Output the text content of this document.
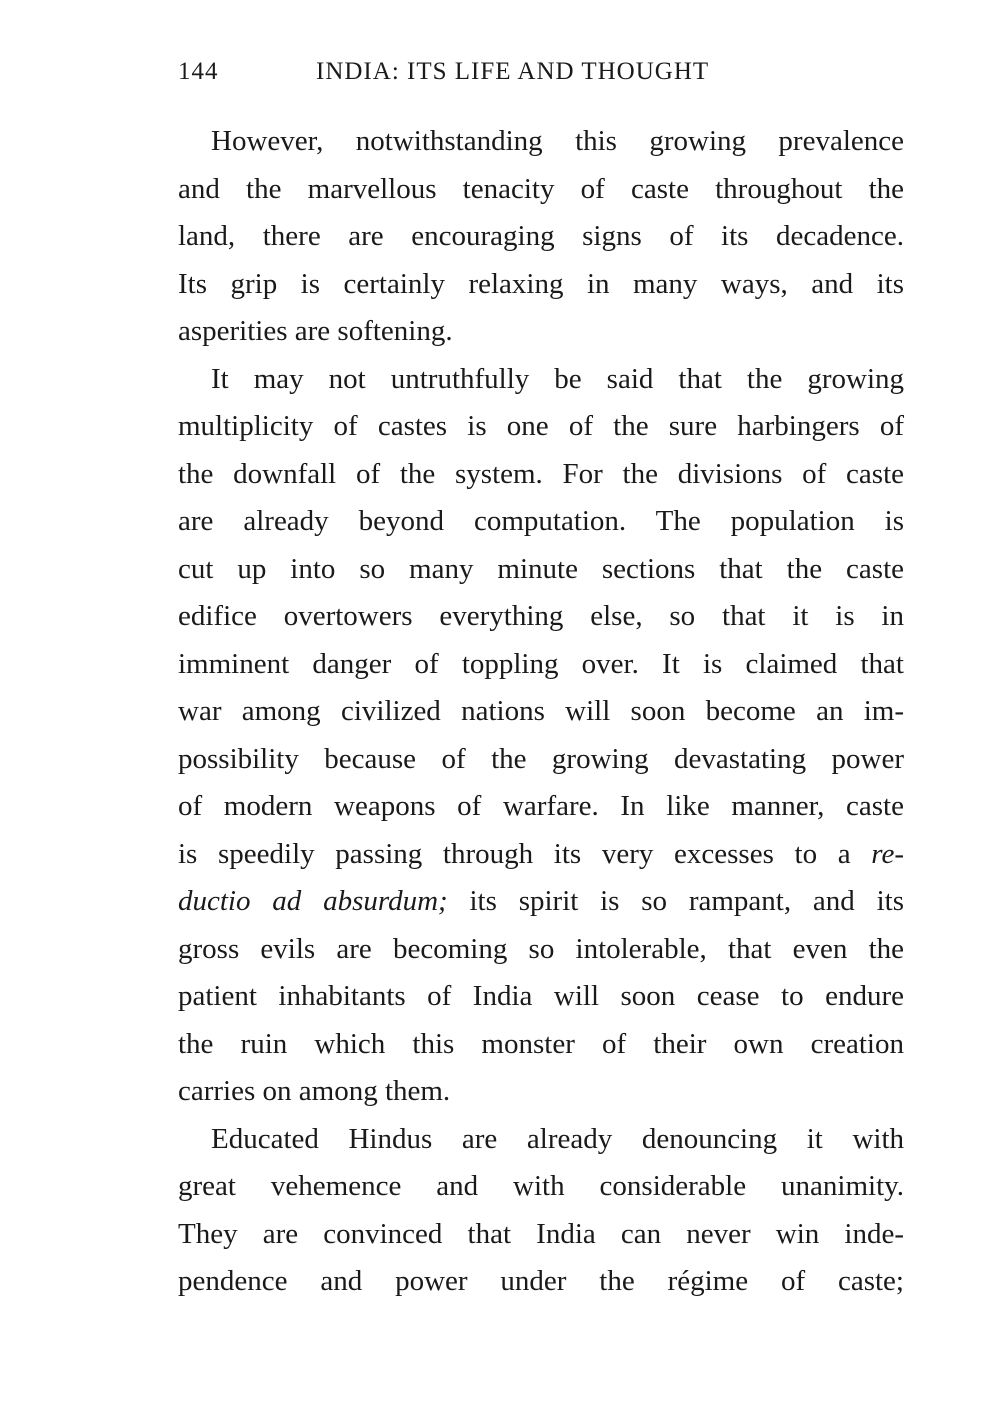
144	INDIA: ITS LIFE AND THOUGHT
However, notwithstanding this growing prevalence
and the marvellous tenacity of caste throughout the
land, there are encouraging signs of its decadence.
Its grip is certainly relaxing in many ways, and its
asperities are softening.
It may not untruthfully be said that the growing
multiplicity of castes is one of the sure harbingers of
the downfall of the system. For the divisions of caste
are already beyond computation. The population is
cut up into so many minute sections that the caste
edifice overtowers everything else, so that it is in
imminent danger of toppling over. It is claimed that
war among civilized nations will soon become an im-
possibility because of the growing devastating power
of modern weapons of warfare. In like manner, caste
is speedily passing through its very excesses to a re-
ductio ad absurdum; its spirit is so rampant, and its
gross evils are becoming so intolerable, that even the
patient inhabitants of India will soon cease to endure
the ruin which this monster of their own creation
carries on among them.
Educated Hindus are already denouncing it with
great vehemence and with considerable unanimity.
They are convinced that India can never win inde-
pendence and power under the régime of caste;
